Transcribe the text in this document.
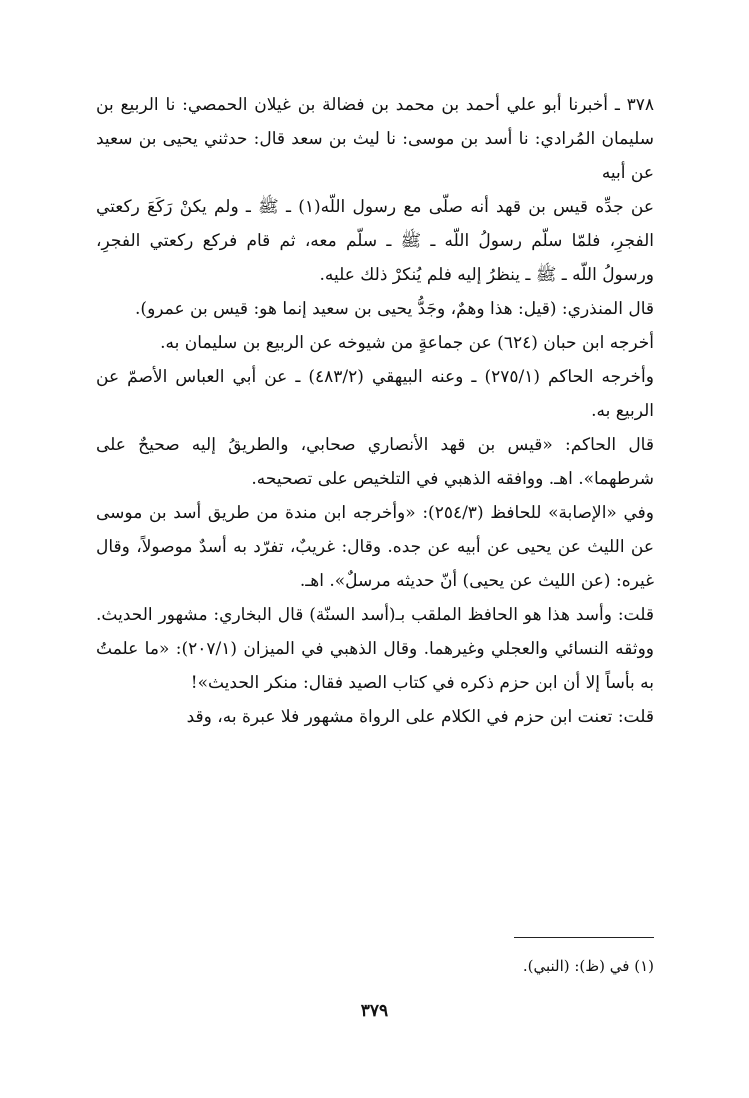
٣٧٨ ـ أخبرنا أبو علي أحمد بن محمد بن فضالة بن غيلان الحمصي: نا الربيع بن سليمان المُرادي: نا أسد بن موسى: نا ليث بن سعد قال: حدثني يحيى بن سعيد عن أبيه

عن جدِّه قيس بن قهد أنه صلّى مع رسول اللّه(١) ـ ﷺ ـ ولم يكنْ رَكَعَ ركعتي الفجرِ، فلمّا سلّم رسولُ اللّه ـ ﷺ ـ سلّم معه، ثم قام فركع ركعتي الفجرِ، ورسولُ اللّه ـ ﷺ ـ ينظرُ إليه فلم يُنكرْ ذلك عليه.

قال المنذري: (قيل: هذا وهمٌ، وجَدُّ يحيى بن سعيد إنما هو: قيس بن عمرو).

أخرجه ابن حبان (٦٢٤) عن جماعةٍ من شيوخه عن الربيع بن سليمان به.

وأخرجه الحاكم (٢٧٥/١) ـ وعنه البيهقي (٤٨٣/٢) ـ عن أبي العباس الأصمّ عن الربيع به.

قال الحاكم: «قيس بن قهد الأنصاري صحابي، والطريقُ إليه صحيحٌ على شرطهما». اهـ. ووافقه الذهبي في التلخيص على تصحيحه.

وفي «الإصابة» للحافظ (٢٥٤/٣): «وأخرجه ابن مندة من طريق أسد بن موسى عن الليث عن يحيى عن أبيه عن جده. وقال: غريبٌ، تفرّد به أسدٌ موصولاً، وقال غيره: (عن الليث عن يحيى) أنّ حديثه مرسلٌ». اهـ.

قلت: وأسد هذا هو الحافظ الملقب بـ(أسد السنّة) قال البخاري: مشهور الحديث. ووثقه النسائي والعجلي وغيرهما. وقال الذهبي في الميزان (٢٠٧/١): «ما علمتُ به بأساً إلا أن ابن حزم ذكره في كتاب الصيد فقال: منكر الحديث»!

قلت: تعنت ابن حزم في الكلام على الرواة مشهور فلا عبرة به، وقد

(١) في (ظ): (النبي).
٣٧٩
